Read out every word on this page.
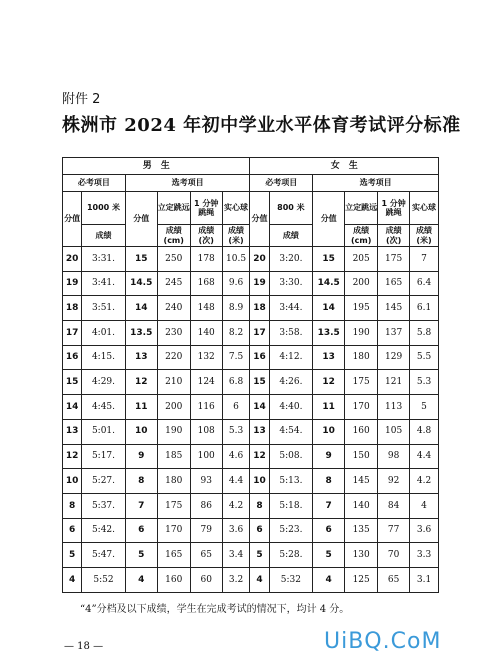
附件 2
株洲市 2024 年初中学业水平体育考试评分标准
男　生						女　生					
必考项目		选考项目				必考项目		选考项目			
分值	1000 米	分值	立定跳远	1 分钟跳绳	实心球	分值	800 米	分值	立定跳远	1 分钟跳绳	实心球
	成绩		成绩(cm)	成绩(次)	成绩(米)		成绩		成绩(cm)	成绩(次)	成绩(米)
20	3:31.	15	250	178	10.5	20	3:20.	15	205	175	7
19	3:41.	14.5	245	168	9.6	19	3:30.	14.5	200	165	6.4
18	3:51.	14	240	148	8.9	18	3:44.	14	195	145	6.1
17	4:01.	13.5	230	140	8.2	17	3:58.	13.5	190	137	5.8
16	4:15.	13	220	132	7.5	16	4:12.	13	180	129	5.5
15	4:29.	12	210	124	6.8	15	4:26.	12	175	121	5.3
14	4:45.	11	200	116	6	14	4:40.	11	170	113	5
13	5:01.	10	190	108	5.3	13	4:54.	10	160	105	4.8
12	5:17.	9	185	100	4.6	12	5:08.	9	150	98	4.4
10	5:27.	8	180	93	4.4	10	5:13.	8	145	92	4.2
8	5:37.	7	175	86	4.2	8	5:18.	7	140	84	4
6	5:42.	6	170	79	3.6	6	5:23.	6	135	77	3.6
5	5:47.	5	165	65	3.4	5	5:28.	5	130	70	3.3
4	5:52	4	160	60	3.2	4	5:32	4	125	65	3.1
“4”分档及以下成绩，学生在完成考试的情况下，均计 4 分。
— 18 —	UiBQ.CoM
